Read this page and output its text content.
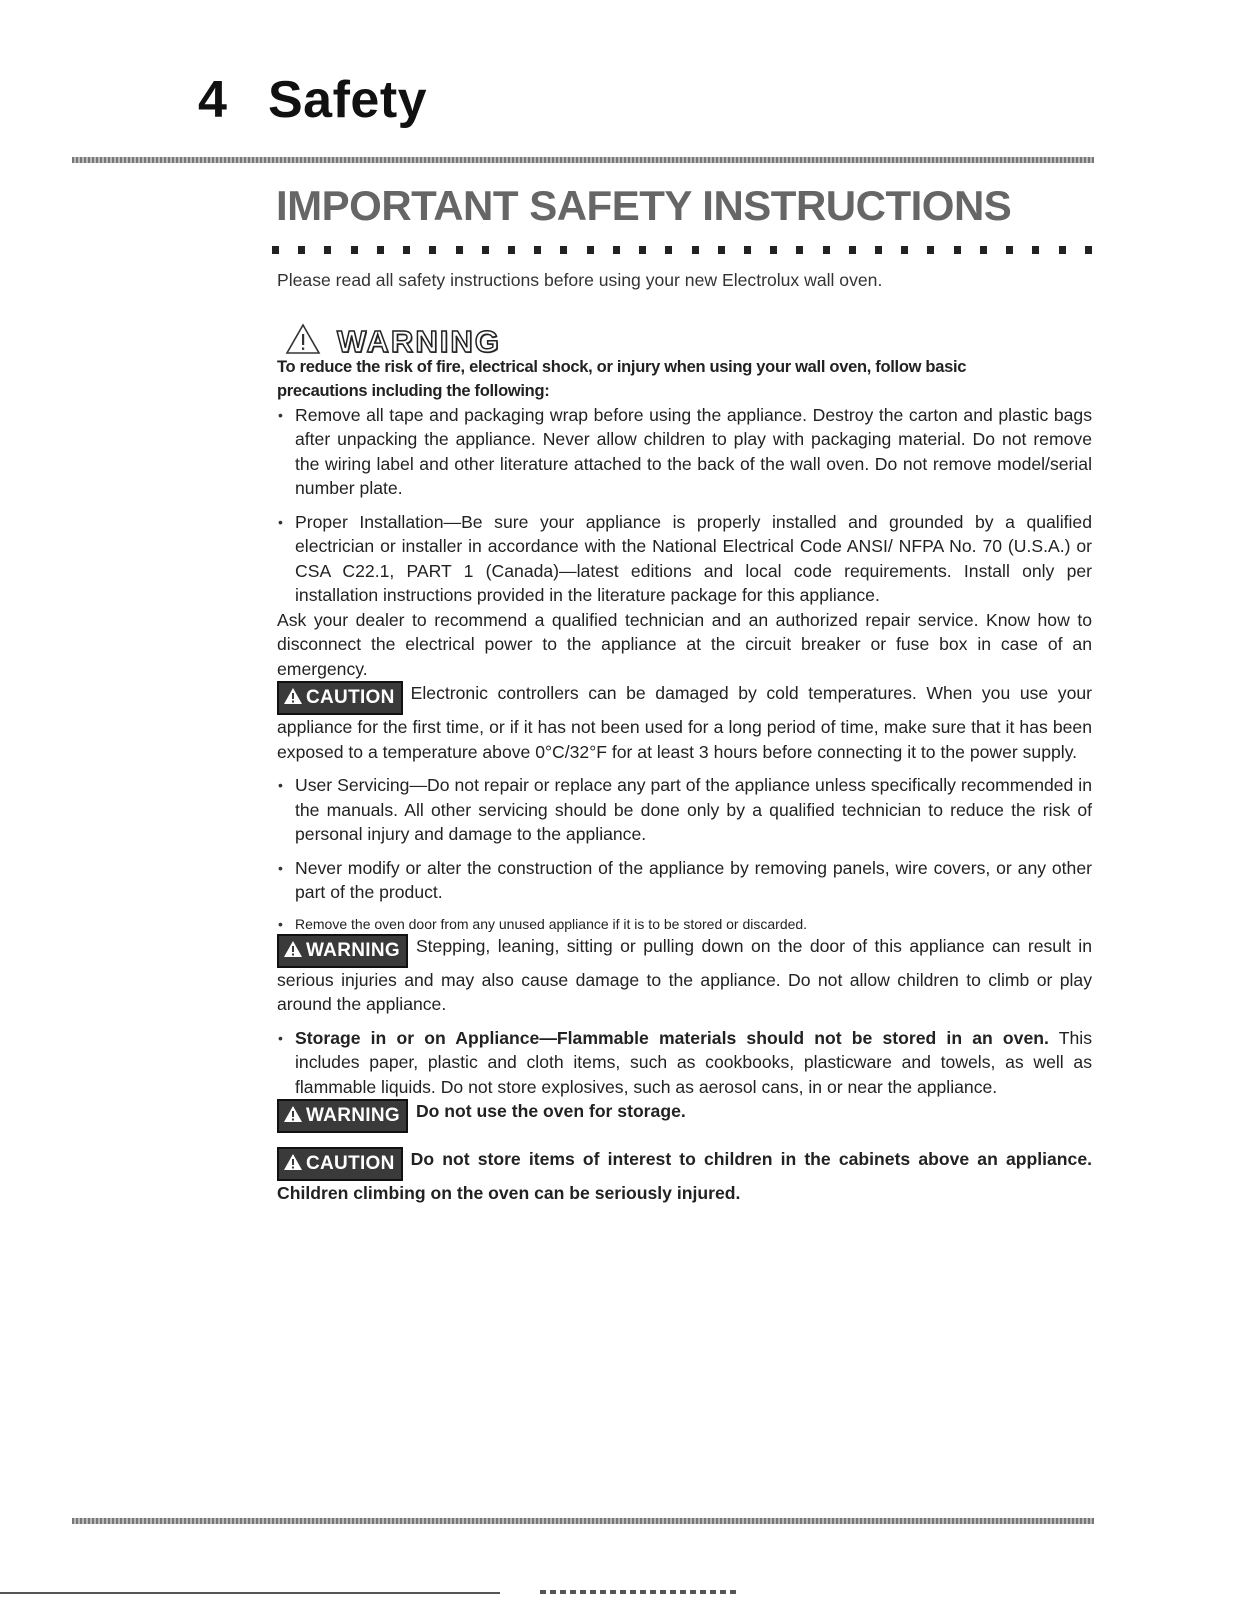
4 Safety
IMPORTANT SAFETY INSTRUCTIONS

Please read all safety instructions before using your new Electrolux wall oven.

WARNING

To reduce the risk of fire, electrical shock, or injury when using your wall oven, follow basic precautions including the following:

• Remove all tape and packaging wrap before using the appliance. Destroy the carton and plastic bags after unpacking the appliance. Never allow children to play with packaging material. Do not remove the wiring label and other literature attached to the back of the wall oven. Do not remove model/serial number plate.
• Proper Installation—Be sure your appliance is properly installed and grounded by a qualified electrician or installer in accordance with the National Electrical Code ANSI/ NFPA No. 70 (U.S.A.) or CSA C22.1, PART 1 (Canada)—latest editions and local code requirements. Install only per installation instructions provided in the literature package for this appliance.

Ask your dealer to recommend a qualified technician and an authorized repair service. Know how to disconnect the electrical power to the appliance at the circuit breaker or fuse box in case of an emergency.

CAUTION Electronic controllers can be damaged by cold temperatures. When you use your appliance for the first time, or if it has not been used for a long period of time, make sure that it has been exposed to a temperature above 0°C/32°F for at least 3 hours before connecting it to the power supply.

• User Servicing—Do not repair or replace any part of the appliance unless specifically recommended in the manuals. All other servicing should be done only by a qualified technician to reduce the risk of personal injury and damage to the appliance.
• Never modify or alter the construction of the appliance by removing panels, wire covers, or any other part of the product.
• Remove the oven door from any unused appliance if it is to be stored or discarded.

WARNING Stepping, leaning, sitting or pulling down on the door of this appliance can result in serious injuries and may also cause damage to the appliance. Do not allow children to climb or play around the appliance.

• Storage in or on Appliance—Flammable materials should not be stored in an oven. This includes paper, plastic and cloth items, such as cookbooks, plasticware and towels, as well as flammable liquids. Do not store explosives, such as aerosol cans, in or near the appliance.

WARNING Do not use the oven for storage.

CAUTION Do not store items of interest to children in the cabinets above an appliance. Children climbing on the oven can be seriously injured.
